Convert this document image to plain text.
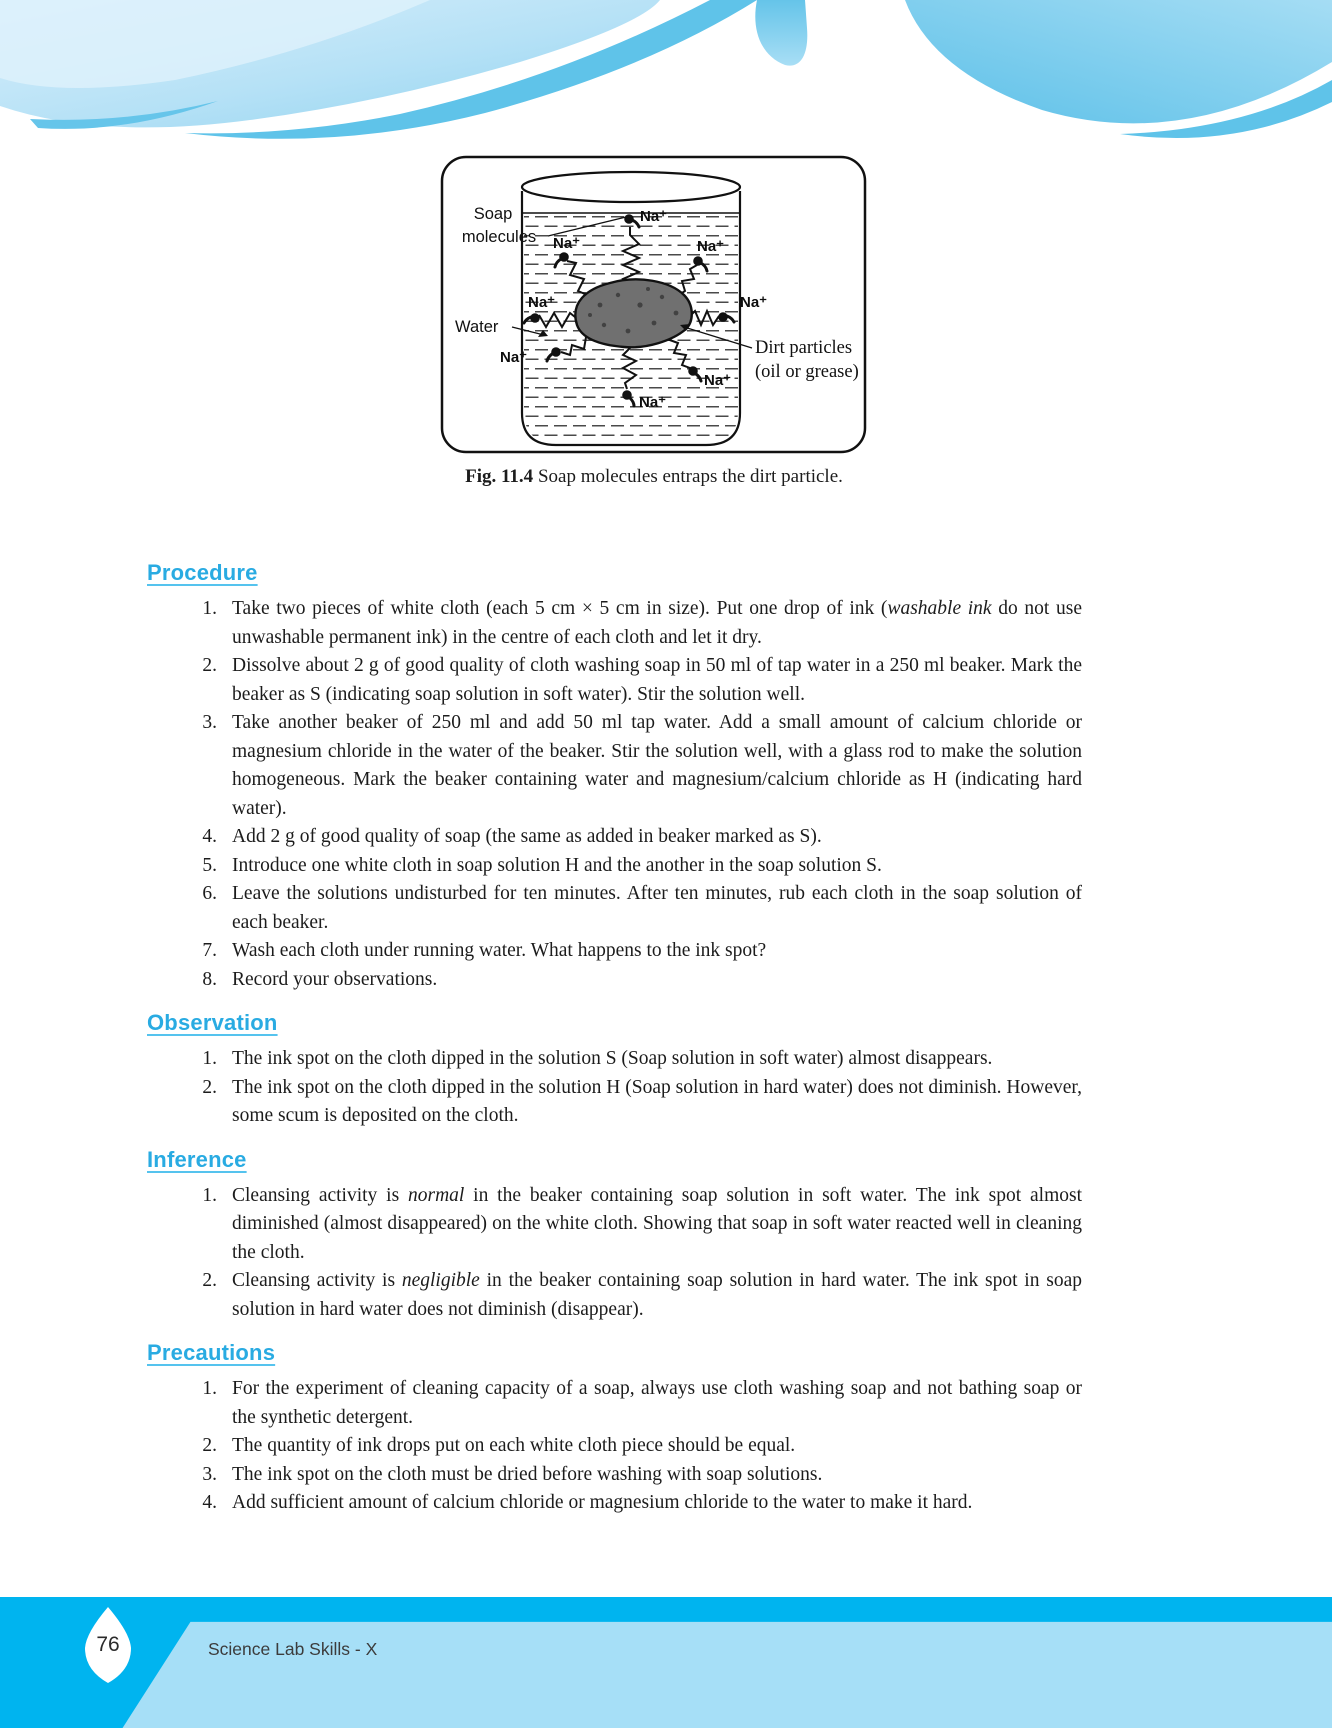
Na⁺
Na⁺	Na⁺
Na⁺	Na⁺
Na⁺
Na⁺
Na⁺
Soap
molecules
Water
Dirt particles
(oil or grease)
Fig. 11.4 Soap molecules entraps the dirt particle.
Procedure
1. Take two pieces of white cloth (each 5 cm × 5 cm in size). Put one drop of ink (washable ink do not use unwashable permanent ink) in the centre of each cloth and let it dry.
2. Dissolve about 2 g of good quality of cloth washing soap in 50 ml of tap water in a 250 ml beaker. Mark the beaker as S (indicating soap solution in soft water). Stir the solution well.
3. Take another beaker of 250 ml and add 50 ml tap water. Add a small amount of calcium chloride or magnesium chloride in the water of the beaker. Stir the solution well, with a glass rod to make the solution homogeneous. Mark the beaker containing water and magnesium/calcium chloride as H (indicating hard water).
4. Add 2 g of good quality of soap (the same as added in beaker marked as S).
5. Introduce one white cloth in soap solution H and the another in the soap solution S.
6. Leave the solutions undisturbed for ten minutes. After ten minutes, rub each cloth in the soap solution of each beaker.
7. Wash each cloth under running water. What happens to the ink spot?
8. Record your observations.
Observation
1. The ink spot on the cloth dipped in the solution S (Soap solution in soft water) almost disappears.
2. The ink spot on the cloth dipped in the solution H (Soap solution in hard water) does not diminish. However, some scum is deposited on the cloth.
Inference
1. Cleansing activity is normal in the beaker containing soap solution in soft water. The ink spot almost diminished (almost disappeared) on the white cloth. Showing that soap in soft water reacted well in cleaning the cloth.
2. Cleansing activity is negligible in the beaker containing soap solution in hard water. The ink spot in soap solution in hard water does not diminish (disappear).
Precautions
1. For the experiment of cleaning capacity of a soap, always use cloth washing soap and not bathing soap or the synthetic detergent.
2. The quantity of ink drops put on each white cloth piece should be equal.
3. The ink spot on the cloth must be dried before washing with soap solutions.
4. Add sufficient amount of calcium chloride or magnesium chloride to the water to make it hard.
76	Science Lab Skills - X
